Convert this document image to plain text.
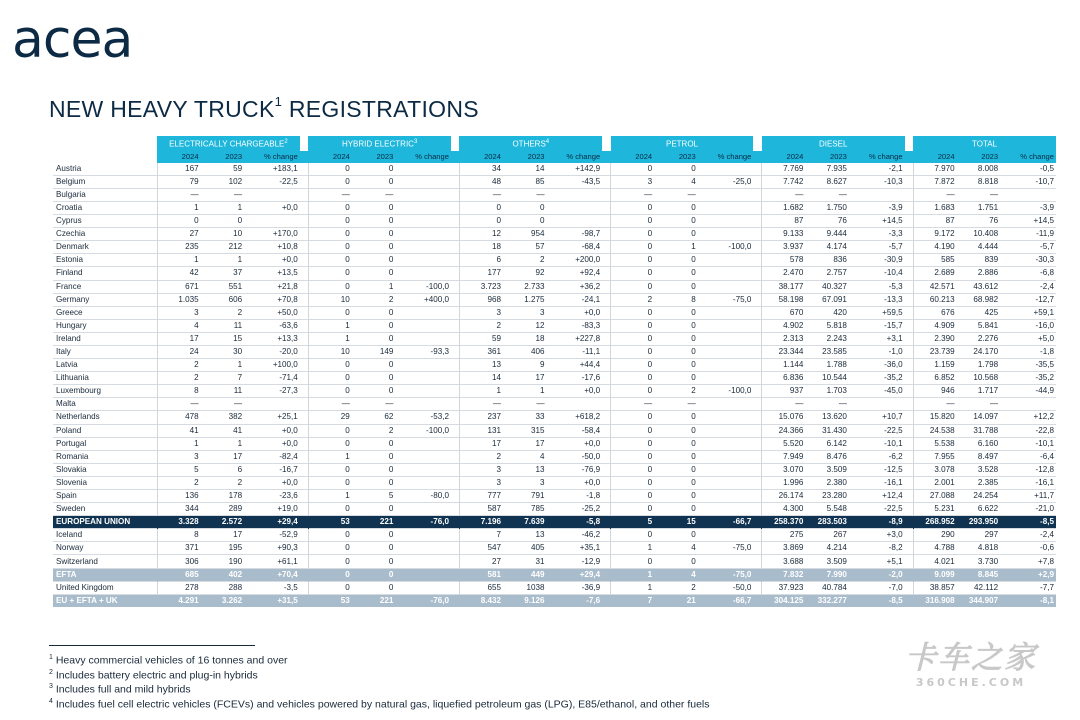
acea
NEW HEAVY TRUCK$^1$ REGISTRATIONS
	ELECTRICALLY CHARGEABLE$^2$				HYBRID ELECTRIC$^3$				OTHERS$^4$				PETROL				DIESEL				TOTAL		
	2024	2023	% change		2024	2023	% change		2024	2023	% change		2024	2023	% change		2024	2023	% change		2024	2023	% change
Austria	167	59	+183,1		0	0			34	14	+142,9		0	0			7.769	7.935	-2,1		7.970	8.008	-0,5
Belgium	79	102	-22,5		0	0			48	85	-43,5		3	4	-25,0		7.742	8.627	-10,3		7.872	8.818	-10,7
Bulgaria	—	—			—	—			—	—			—	—			—	—			—	—	
Croatia	1	1	+0,0		0	0			0	0			0	0			1.682	1.750	-3,9		1.683	1.751	-3,9
Cyprus	0	0			0	0			0	0			0	0			87	76	+14,5		87	76	+14,5
Czechia	27	10	+170,0		0	0			12	954	-98,7		0	0			9.133	9.444	-3,3		9.172	10.408	-11,9
Denmark	235	212	+10,8		0	0			18	57	-68,4		0	1	-100,0		3.937	4.174	-5,7		4.190	4.444	-5,7
Estonia	1	1	+0,0		0	0			6	2	+200,0		0	0			578	836	-30,9		585	839	-30,3
Finland	42	37	+13,5		0	0			177	92	+92,4		0	0			2.470	2.757	-10,4		2.689	2.886	-6,8
France	671	551	+21,8		0	1	-100,0		3.723	2.733	+36,2		0	0			38.177	40.327	-5,3		42.571	43.612	-2,4
Germany	1.035	606	+70,8		10	2	+400,0		968	1.275	-24,1		2	8	-75,0		58.198	67.091	-13,3		60.213	68.982	-12,7
Greece	3	2	+50,0		0	0			3	3	+0,0		0	0			670	420	+59,5		676	425	+59,1
Hungary	4	11	-63,6		1	0			2	12	-83,3		0	0			4.902	5.818	-15,7		4.909	5.841	-16,0
Ireland	17	15	+13,3		1	0			59	18	+227,8		0	0			2.313	2.243	+3,1		2.390	2.276	+5,0
Italy	24	30	-20,0		10	149	-93,3		361	406	-11,1		0	0			23.344	23.585	-1,0		23.739	24.170	-1,8
Latvia	2	1	+100,0		0	0			13	9	+44,4		0	0			1.144	1.788	-36,0		1.159	1.798	-35,5
Lithuania	2	7	-71,4		0	0			14	17	-17,6		0	0			6.836	10.544	-35,2		6.852	10.568	-35,2
Luxembourg	8	11	-27,3		0	0			1	1	+0,0		0	2	-100,0		937	1.703	-45,0		946	1.717	-44,9
Malta	—	—			—	—			—	—			—	—			—	—			—	—	
Netherlands	478	382	+25,1		29	62	-53,2		237	33	+618,2		0	0			15.076	13.620	+10,7		15.820	14.097	+12,2
Poland	41	41	+0,0		0	2	-100,0		131	315	-58,4		0	0			24.366	31.430	-22,5		24.538	31.788	-22,8
Portugal	1	1	+0,0		0	0			17	17	+0,0		0	0			5.520	6.142	-10,1		5.538	6.160	-10,1
Romania	3	17	-82,4		1	0			2	4	-50,0		0	0			7.949	8.476	-6,2		7.955	8.497	-6,4
Slovakia	5	6	-16,7		0	0			3	13	-76,9		0	0			3.070	3.509	-12,5		3.078	3.528	-12,8
Slovenia	2	2	+0,0		0	0			3	3	+0,0		0	0			1.996	2.380	-16,1		2.001	2.385	-16,1
Spain	136	178	-23,6		1	5	-80,0		777	791	-1,8		0	0			26.174	23.280	+12,4		27.088	24.254	+11,7
Sweden	344	289	+19,0		0	0			587	785	-25,2		0	0			4.300	5.548	-22,5		5.231	6.622	-21,0
EUROPEAN UNION	3.328	2.572	+29,4		53	221	-76,0		7.196	7.639	-5,8		5	15	-66,7		258.370	283.503	-8,9		268.952	293.950	-8,5
Iceland	8	17	-52,9		0	0			7	13	-46,2		0	0			275	267	+3,0		290	297	-2,4
Norway	371	195	+90,3		0	0			547	405	+35,1		1	4	-75,0		3.869	4.214	-8,2		4.788	4.818	-0,6
Switzerland	306	190	+61,1		0	0			27	31	-12,9		0	0			3.688	3.509	+5,1		4.021	3.730	+7,8
EFTA	685	402	+70,4		0	0			581	449	+29,4		1	4	-75,0		7.832	7.990	-2,0		9.099	8.845	+2,9
United Kingdom	278	288	-3,5		0	0			655	1038	-36,9		1	2	-50,0		37.923	40.784	-7,0		38.857	42.112	-7,7
EU + EFTA + UK	4.291	3.262	+31,5		53	221	-76,0		8.432	9.126	-7,6		7	21	-66,7		304.125	332.277	-8,5		316.908	344.907	-8,1
$^1$ Heavy commercial vehicles of 16 tonnes and over
$^2$ Includes battery electric and plug-in hybrids
$^3$ Includes full and mild hybrids
$^4$ Includes fuel cell electric vehicles (FCEVs) and vehicles powered by natural gas, liquefied petroleum gas (LPG), E85/ethanol, and other fuels
卡车之家
360CHE.COM
